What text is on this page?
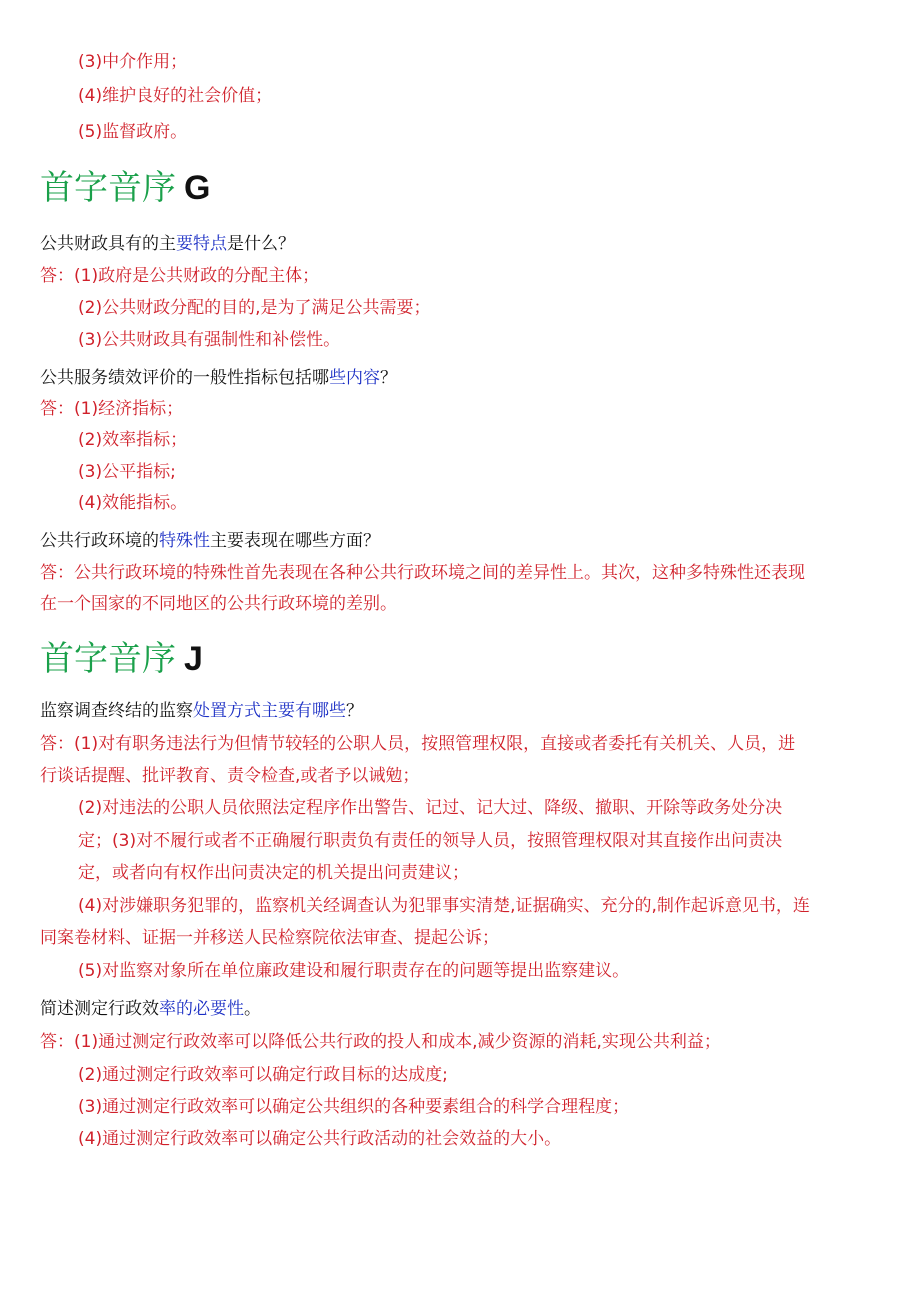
(3)中介作用；
(4)维护良好的社会价值；
(5)监督政府。
首字音序 G
公共财政具有的主要特点是什么？
答：(1)政府是公共财政的分配主体；
(2)公共财政分配的目的,是为了满足公共需要；
(3)公共财政具有强制性和补偿性。
公共服务绩效评价的一般性指标包括哪些内容？
答：(1)经济指标；
(2)效率指标；
(3)公平指标;
(4)效能指标。
公共行政环境的特殊性主要表现在哪些方面？
答：公共行政环境的特殊性首先表现在各种公共行政环境之间的差异性上。其次，这种多特殊性还表现
在一个国家的不同地区的公共行政环境的差别。
首字音序 J
监察调查终结的监察处置方式主要有哪些？
答：(1)对有职务违法行为但情节较轻的公职人员，按照管理权限，直接或者委托有关机关、人员，进
行谈话提醒、批评教育、责令检查,或者予以诫勉；
(2)对违法的公职人员依照法定程序作出警告、记过、记大过、降级、撤职、开除等政务处分决
定；(3)对不履行或者不正确履行职责负有责任的领导人员，按照管理权限对其直接作出问责决
定，或者向有权作出问责决定的机关提出问责建议；
(4)对涉嫌职务犯罪的，监察机关经调查认为犯罪事实清楚,证据确实、充分的,制作起诉意见书，连
同案卷材料、证据一并移送人民检察院依法审查、提起公诉；
(5)对监察对象所在单位廉政建设和履行职责存在的问题等提出监察建议。
简述测定行政效率的必要性。
答：(1)通过测定行政效率可以降低公共行政的投人和成本,减少资源的消耗,实现公共利益；
(2)通过测定行政效率可以确定行政目标的达成度;
(3)通过测定行政效率可以确定公共组织的各种要素组合的科学合理程度；
(4)通过测定行政效率可以确定公共行政活动的社会效益的大小。
